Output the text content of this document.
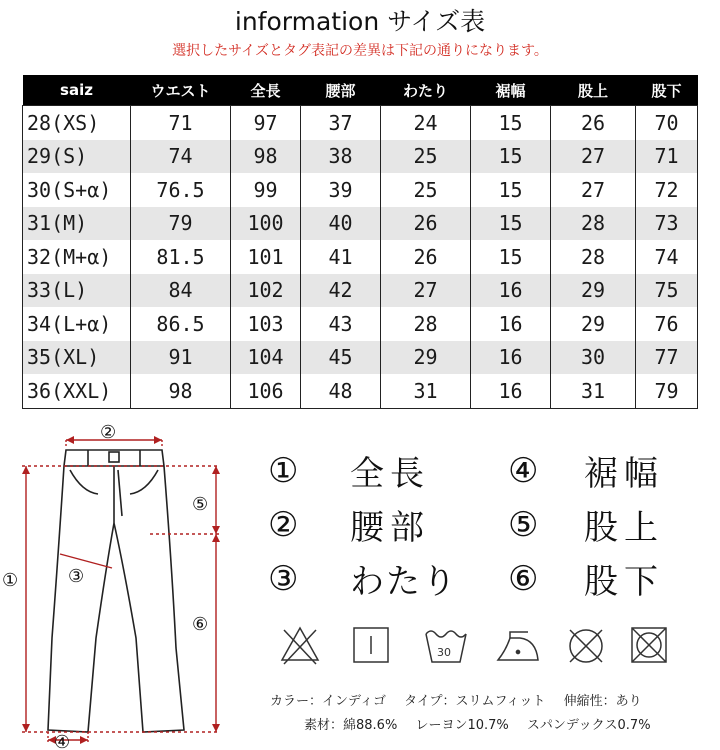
information サイズ表
選択したサイズとタグ表記の差異は下記の通りになります。
saiz	ウエスト	全長	腰部	わたり	裾幅	股上	股下
28(XS)	71	97	37	24	15	26	70
29(S)	74	98	38	25	15	27	71
30(S+α)	76.5	99	39	25	15	27	72
31(M)	79	100	40	26	15	28	73
32(M+α)	81.5	101	41	26	15	28	74
33(L)	84	102	42	27	16	29	75
34(L+α)	86.5	103	43	28	16	29	76
35(XL)	91	104	45	29	16	30	77
36(XXL)	98	106	48	31	16	31	79
②
①	③
⑤
⑥
④
①	全長 ④	裾幅
②	腰部 ⑤	股上
③	わたり ⑥	股下
30
カラー：インディゴ タイプ：スリムフィット 伸縮性：あり
素材：綿88.6% レーヨン10.7% スパンデックス0.7%
